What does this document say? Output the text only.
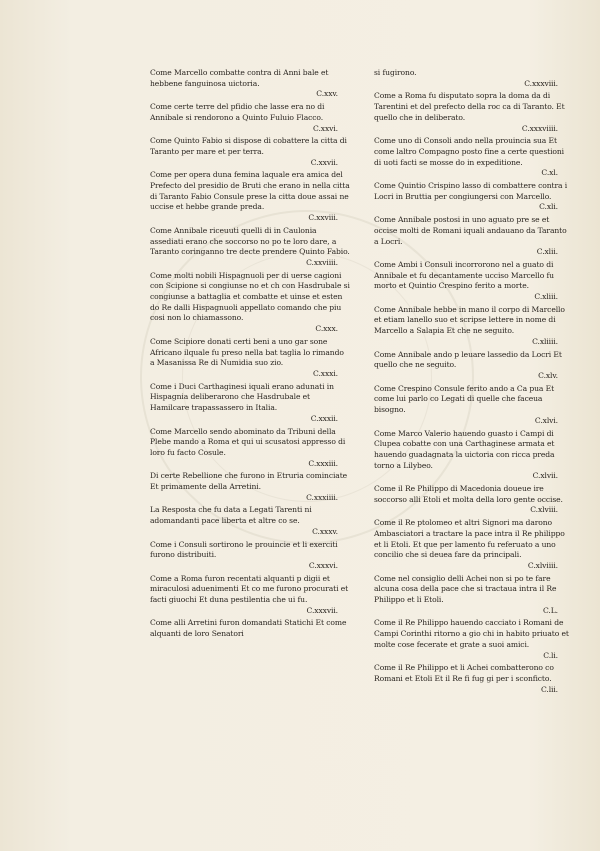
Come Marcello combatte contra di Anni bale et hebbene fanguinosa uictoria.
C.xxv.
Come certe terre del pfidio che lasse era no di Annibale si rendorono a Quinto Fuluio Flacco.
C.xxvi.
Come Quinto Fabio si dispose di cobattere la citta di Taranto per mare et per terra.
C.xxvii.
Come per opera duna femina laquale era amica del Prefecto del presidio de Bruti che erano in nella citta di Taranto Fabio Consule prese la citta doue assai ne uccise et hebbe grande preda.
C.xxviii.
Come Annibale riceuuti quelli di in Caulonia assediati erano che soccorso no po te loro dare, a Taranto coringanno tre decte prendere Quinto Fabio.
C.xxviiii.
Come molti nobili Hispagnuoli per di uerse cagioni con Scipione si congiunse no et ch con Hasdrubale si congiunse a battaglia et combatte et uinse et esten do Re dalli Hispagnuoli appellato comando che piu cosi non lo chiamassono.
C.xxx.
Come Scipiore donati certi beni a uno gar sone Africano ilquale fu preso nella bat taglia lo rimando a Masanissa Re di Numidia suo zio.
C.xxxi.
Come i Duci Carthaginesi iquali erano adunati in Hispagnia deliberarono che Hasdrubale et Hamilcare trapassassero in Italia.
C.xxxii.
Come Marcello sendo abominato da Tribuni della Plebe mando a Roma et qui ui scusatosi appresso di loro fu facto Cosule.
C.xxxiii.
Di certe Rebellione che furono in Etruria cominciate Et primamente della Arretini.
C.xxxiiii.
La Resposta che fu data a Legati Tarenti ni adomandanti pace liberta et altre co se.
C.xxxv.
Come i Consuli sortirono le prouincie et li exerciti furono distribuiti.
C.xxxvi.
Come a Roma furon recentati alquanti p digii et miraculosi aduenimenti Et co me furono procurati et facti giuochi Et duna pestilentia che ui fu.
C.xxxvii.
Come alli Arretini furon domandati Statichi Et come alquanti de loro Senatori
si fugirono.
C.xxxviii.
Come a Roma fu disputato sopra la doma da di Tarentini et del prefecto della roc ca di Taranto. Et quello che in deliberato.
C.xxxviiii.
Come uno di Consoli ando nella prouincia sua Et come laltro Compagno posto fine a certe questioni di uoti facti se mosse do in expeditione.
C.xl.
Come Quintio Crispino lasso di combattere contra i Locri in Bruttia per congiungersi con Marcello.
C.xli.
Come Annibale postosi in uno aguato pre se et occise molti de Romani iquali andauano da Taranto a Locri.
C.xlii.
Come Ambi i Consuli incorrorono nel a guato di Annibale et fu decantamente ucciso Marcello fu morto et Quintio Crespino ferito a morte.
C.xliii.
Come Annibale hebbe in mano il corpo di Marcello et etiam lanello suo et scripse lettere in nome di Marcello a Salapia Et che ne seguito.
C.xliiii.
Come Annibale ando p leuare lassedio da Locri Et quello che ne seguito.
C.xlv.
Come Crespino Consule ferito ando a Ca pua Et come lui parlo co Legati di quelle che faceua bisogno.
C.xlvi.
Come Marco Valerio hauendo guasto i Campi di Clupea cobatte con una Carthaginese armata et hauendo guadagnata la uictoria con ricca preda torno a Lilybeo.
C.xlvii.
Come il Re Philippo di Macedonia doueue ire soccorso alli Etoli et molta della loro gente occise.
C.xlviii.
Come il Re ptolomeo et altri Signori ma darono Ambasciatori a tractare la pace intra il Re philippo et li Etoli. Et que per lamento fu referuato a uno concilio che si deuea fare da principali.
C.xlviiii.
Come nel consiglio delli Achei non si po te fare alcuna cosa della pace che si tractaua intra il Re Philippo et li Etoli.
C.L.
Come il Re Philippo hauendo cacciato i Romani de Campi Corinthi ritorno a gio chi in habito priuato et molte cose fecerate et grate a suoi amici.
C.li.
Come il Re Philippo et li Achei combatterono co Romani et Etoli Et il Re fi fug gi per i sconficto.
C.lii.
